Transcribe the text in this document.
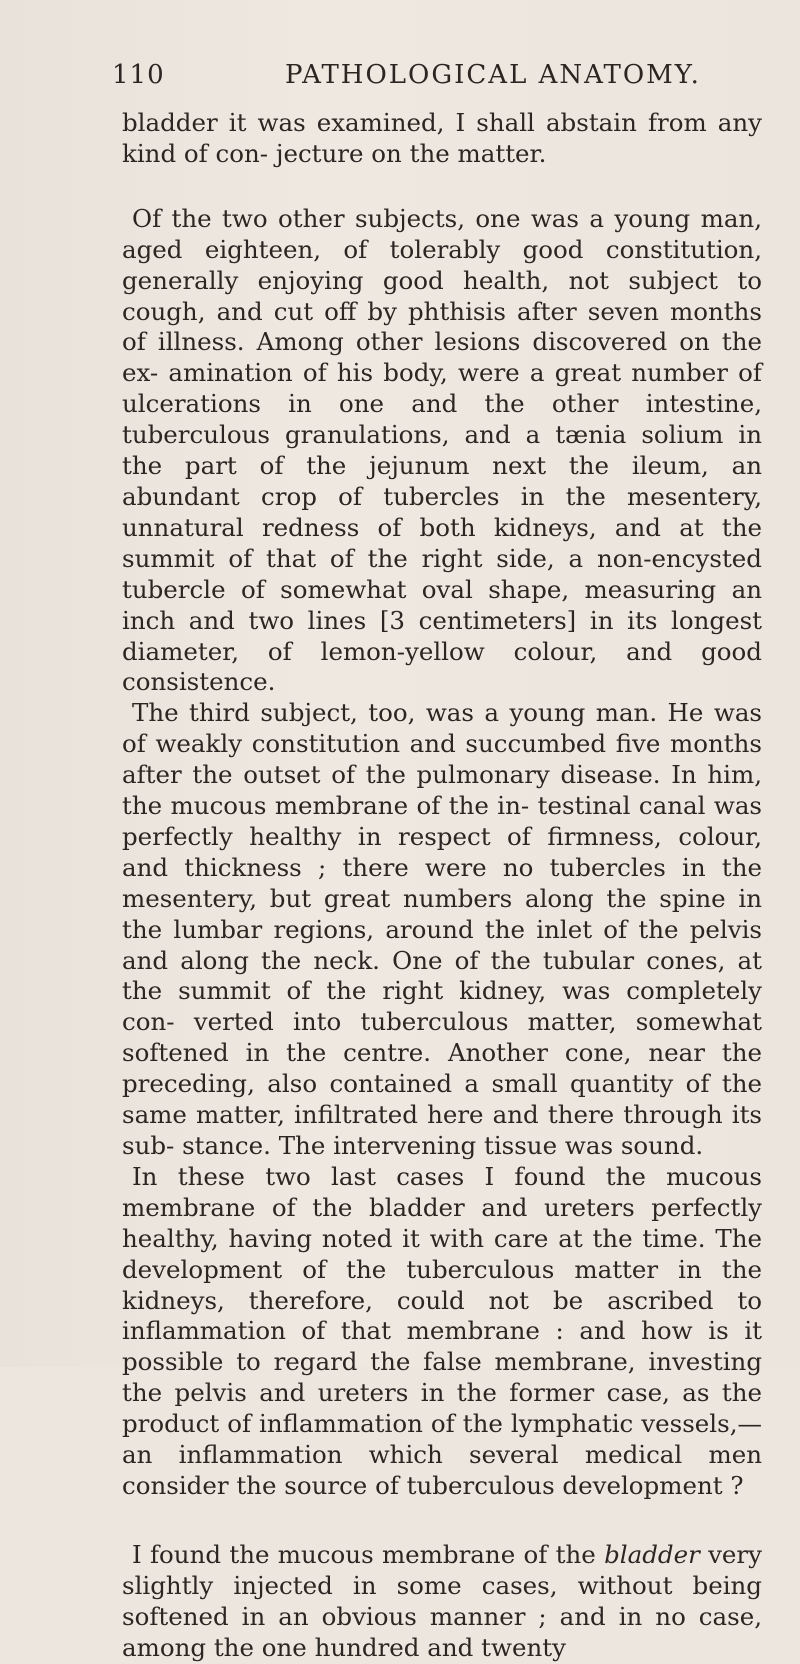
110	PATHOLOGICAL ANATOMY.

bladder it was examined, I shall abstain from any kind of con- jecture on the matter.

Of the two other subjects, one was a young man, aged eighteen, of tolerably good constitution, generally enjoying good health, not subject to cough, and cut off by phthisis after seven months of illness. Among other lesions discovered on the ex- amination of his body, were a great number of ulcerations in one and the other intestine, tuberculous granulations, and a tænia solium in the part of the jejunum next the ileum, an abundant crop of tubercles in the mesentery, unnatural redness of both kidneys, and at the summit of that of the right side, a non-encysted tubercle of somewhat oval shape, measuring an inch and two lines [3 centimeters] in its longest diameter, of lemon-yellow colour, and good consistence.

The third subject, too, was a young man. He was of weakly constitution and succumbed five months after the outset of the pulmonary disease. In him, the mucous membrane of the in- testinal canal was perfectly healthy in respect of firmness, colour, and thickness ; there were no tubercles in the mesentery, but great numbers along the spine in the lumbar regions, around the inlet of the pelvis and along the neck. One of the tubular cones, at the summit of the right kidney, was completely con- verted into tuberculous matter, somewhat softened in the centre. Another cone, near the preceding, also contained a small quantity of the same matter, infiltrated here and there through its sub- stance. The intervening tissue was sound.

In these two last cases I found the mucous membrane of the bladder and ureters perfectly healthy, having noted it with care at the time. The development of the tuberculous matter in the kidneys, therefore, could not be ascribed to inflammation of that membrane : and how is it possible to regard the false membrane, investing the pelvis and ureters in the former case, as the product of inflammation of the lymphatic vessels,—an inflammation which several medical men consider the source of tuberculous development ?

I found the mucous membrane of the bladder very slightly injected in some cases, without being softened in an obvious manner ; and in no case, among the one hundred and twenty
